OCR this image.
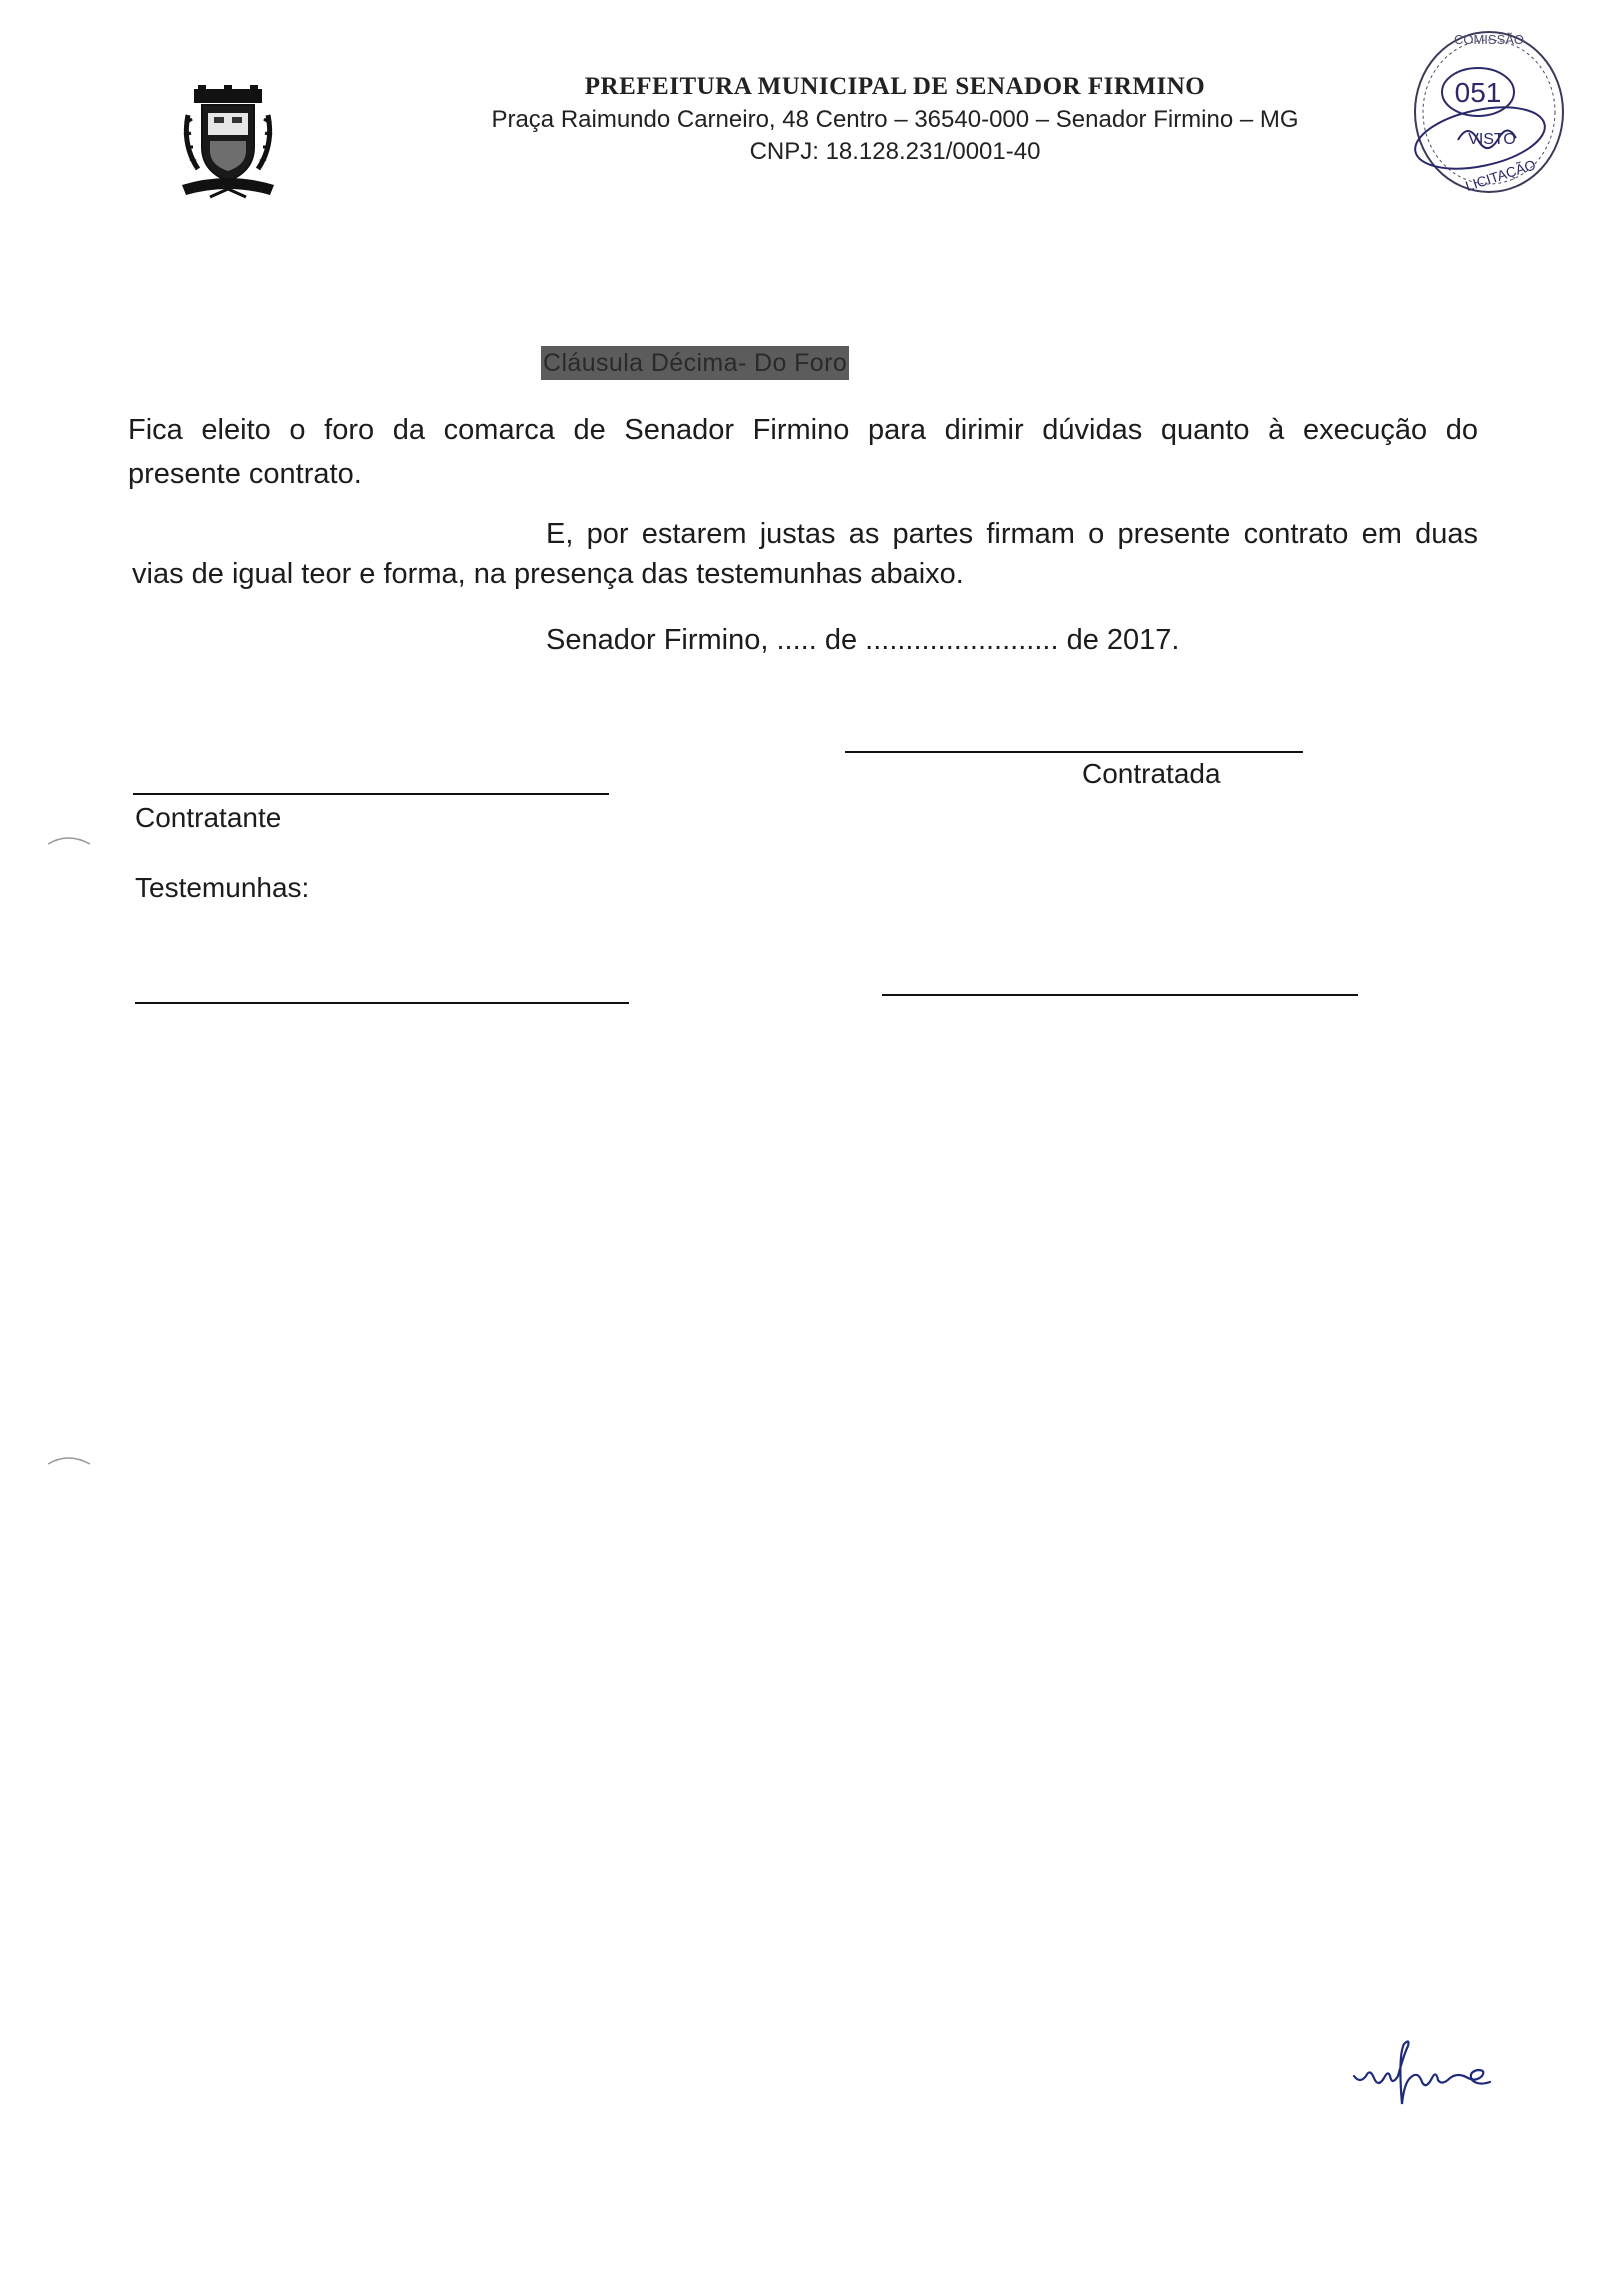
PREFEITURA MUNICIPAL DE SENADOR FIRMINO
Praça Raimundo Carneiro, 48 Centro – 36540-000 – Senador Firmino – MG
CNPJ: 18.128.231/0001-40
COMISSÃO
051
VISTO
LICITAÇÃO
Cláusula Décima- Do Foro
Fica eleito o foro da comarca de Senador Firmino para dirimir dúvidas quanto à execução do
presente contrato.
E, por estarem justas as partes firmam o presente contrato em duas
vias de igual teor e forma, na presença das testemunhas abaixo.
Senador Firmino, ..... de ........................ de 2017.
Contratada
Contratante
Testemunhas:
